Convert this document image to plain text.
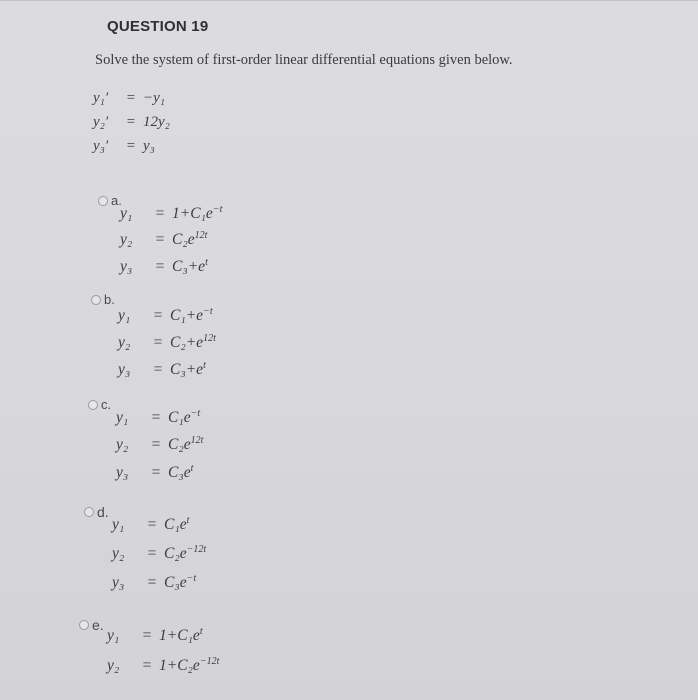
QUESTION 19
Solve the system of first-order linear differential equations given below.
y₁′ = −y₁
y₂′ = 12y₂
y₃′ = y₃
a.
$y_1 = 1+C_1e^{-t}$
$y_2 = C_2e^{12t}$
$y_3 = C_3+e^t$
b.
$y_1 = C_1+e^{-t}$
$y_2 = C_2+e^{12t}$
$y_3 = C_3+e^t$
c.
$y_1 = C_1e^{-t}$
$y_2 = C_2e^{12t}$
$y_3 = C_3e^t$
d.
$y_1 = C_1e^t$
$y_2 = C_2e^{-12t}$
$y_3 = C_3e^{-t}$
e.
$y_1 = 1+C_1e^t$
$y_2 = 1+C_2e^{-12t}$
